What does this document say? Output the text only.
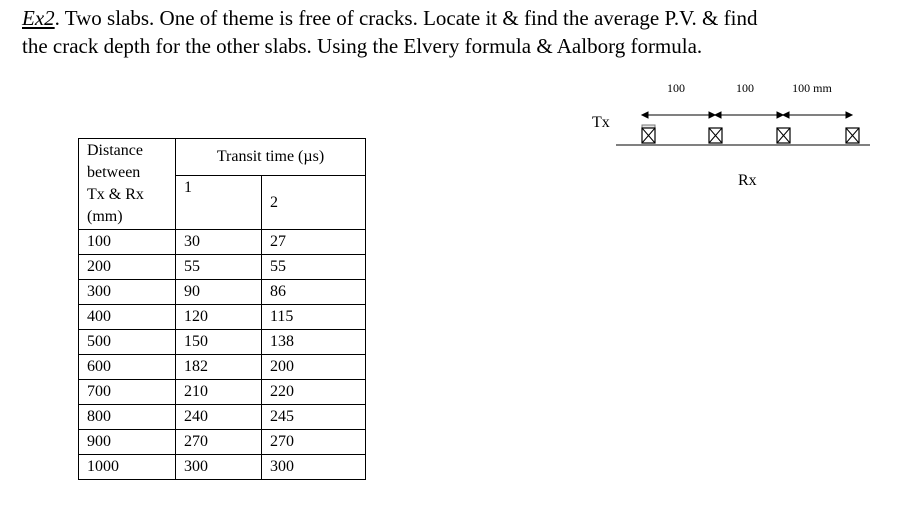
Ex2. Two slabs. One of theme is free of cracks. Locate it & find the average P.V. & find
the crack depth for the other slabs. Using the Elvery formula & Aalborg formula.

Distance
between
Tx & Rx
(mm)	Transit time (µs)	
	1	2
100	30	27
200	55	55
300	90	86
400	120	115
500	150	138
600	182	200
700	210	220
800	240	245
900	270	270
1000	300	300
100	100	100 mm
Tx
Rx
